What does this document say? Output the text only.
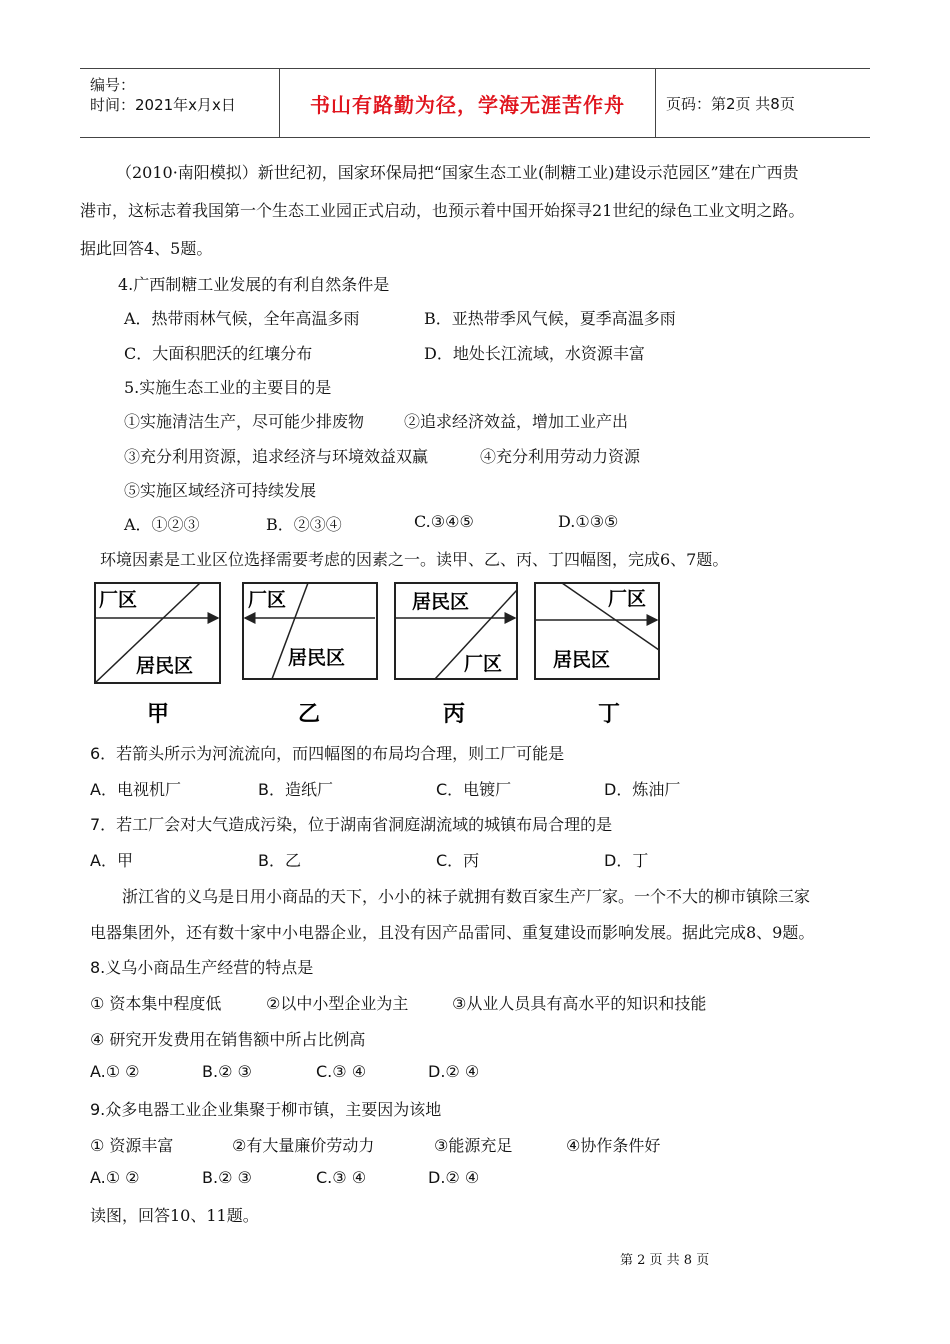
编号：
时间：2021年x月x日	书山有路勤为径，学海无涯苦作舟	页码：第2页 共8页
（2010·南阳模拟）新世纪初，国家环保局把“国家生态工业(制糖工业)建设示范园区”建在广西贵
港市，这标志着我国第一个生态工业园正式启动，也预示着中国开始探寻21世纪的绿色工业文明之路。
据此回答4、5题。
4.广西制糖工业发展的有利自然条件是
A．热带雨林气候，全年高温多雨	B．亚热带季风气候，夏季高温多雨
C．大面积肥沃的红壤分布	D．地处长江流域，水资源丰富
5.实施生态工业的主要目的是
①实施清洁生产，尽可能少排废物 ②追求经济效益，增加工业产出
③充分利用资源，追求经济与环境效益双赢	④充分利用劳动力资源
⑤实施区域经济可持续发展
A．①②③	B．②③④	C.③④⑤	D.①③⑤
环境因素是工业区位选择需要考虑的因素之一。读甲、乙、丙、丁四幅图，完成6、7题。
厂区
居民区
甲
厂区
居民区
乙
居民区
厂区
丙
厂区
居民区
丁
6．若箭头所示为河流流向，而四幅图的布局均合理，则工厂可能是
A．电视机厂	B．造纸厂	C．电镀厂	D．炼油厂
7．若工厂会对大气造成污染，位于湖南省洞庭湖流域的城镇布局合理的是
A．甲	B．乙	C．丙	D．丁
浙江省的义乌是日用小商品的天下，小小的袜子就拥有数百家生产厂家。一个不大的柳市镇除三家
电器集团外，还有数十家中小电器企业，且没有因产品雷同、重复建设而影响发展。据此完成8、9题。
8.义乌小商品生产经营的特点是
① 资本集中程度低	②以中小型企业为主	③从业人员具有高水平的知识和技能
④ 研究开发费用在销售额中所占比例高
A.① ②	B.② ③	C.③ ④	D.② ④
9.众多电器工业企业集聚于柳市镇，主要因为该地
① 资源丰富	②有大量廉价劳动力	③能源充足	④协作条件好
A.① ②	B.② ③	C.③ ④	D.② ④
读图，回答10、11题。
第 2 页 共 8 页
